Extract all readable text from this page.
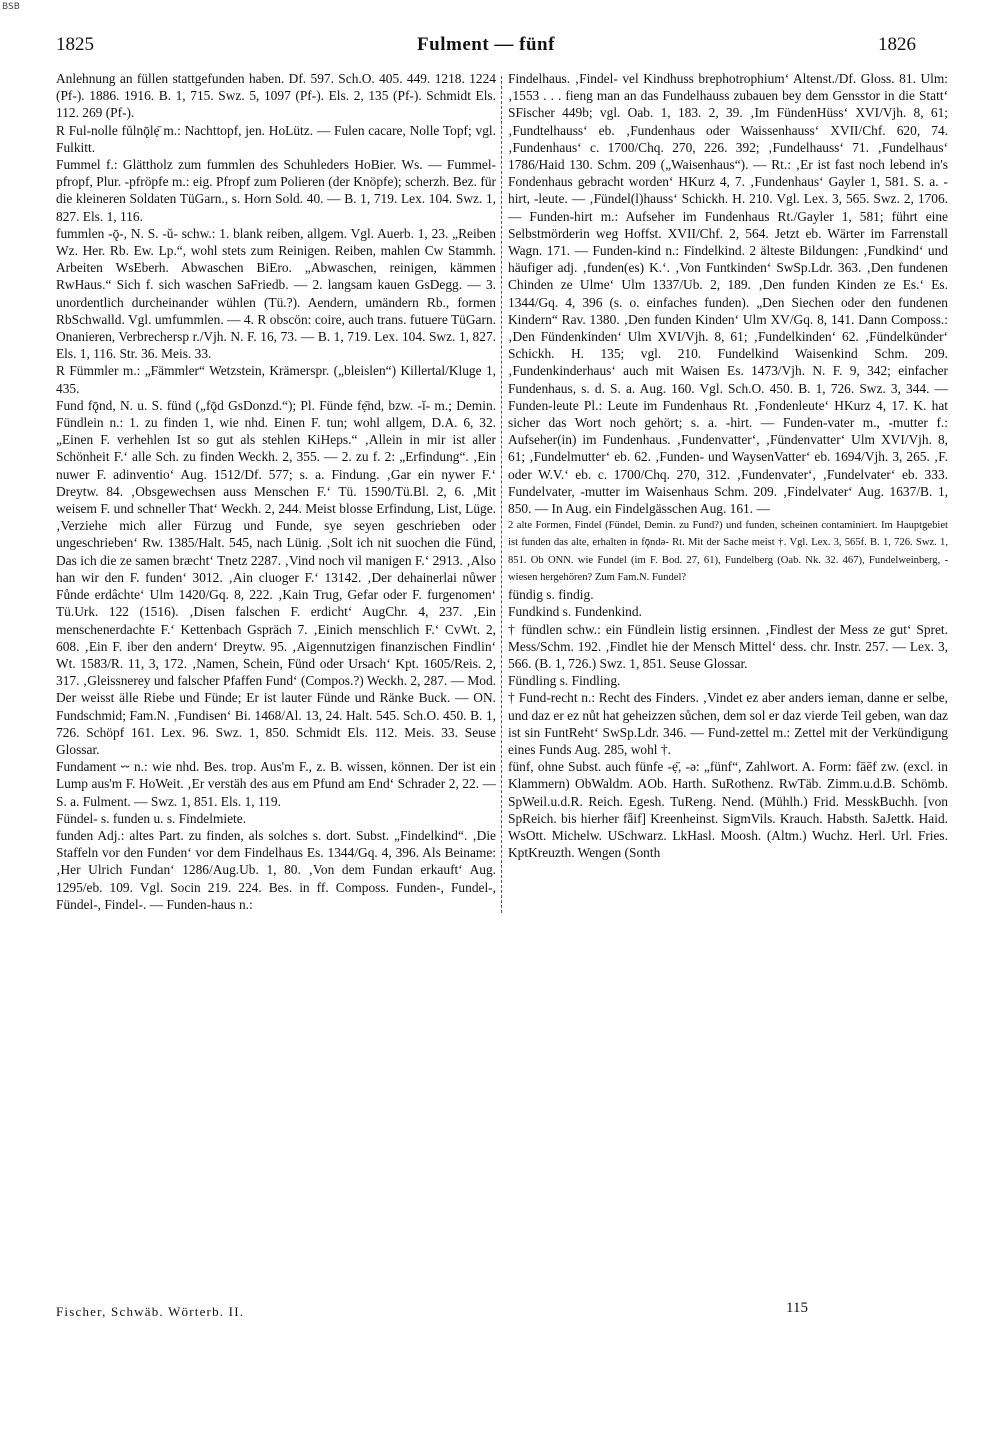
BSB
1825	Fulment — fünf	1826

Anlehnung an füllen stattgefunden haben. Df. 597. Sch.O. 405. 449. 1218. 1224 (Pf-). 1886. 1916. B. 1, 715. Swz. 5, 1097 (Pf-). Els. 2, 135 (Pf-). Schmidt Els. 112. 269 (Pf-).

R Ful-nolle fŭlnǭlẹ̄ m.: Nachttopf, jen. HoLütz. — Fulen cacare, Nolle Topf; vgl. Fulkitt.

Fummel f.: Glättholz zum fummlen des Schuhleders HoBier. Ws. — Fummel-pfropf, Plur. -pfröpfe m.: eig. Pfropf zum Polieren (der Knöpfe); scherzh. Bez. für die kleineren Soldaten TüGarn., s. Horn Sold. 40. — B. 1, 719. Lex. 104. Swz. 1, 827. Els. 1, 116.

fummlen -ǭ-, N. S. -ŭ- schw.: 1. blank reiben, allgem. Vgl. Auerb. 1, 23. „Reiben Wz. Her. Rb. Ew. Lp.“, wohl stets zum Reinigen. Reiben, mahlen Cw Stammh. Arbeiten WsEberh. Abwaschen BiEro. „Abwaschen, reinigen, kämmen RwHaus.“ Sich f. sich waschen SaFriedb. — 2. langsam kauen GsDegg. — 3. unordentlich durcheinander wühlen (Tü.?). Aendern, umändern Rb., formen RbSchwalld. Vgl. umfummlen. — 4. R obscön: coire, auch trans. futuere TüGarn. Onanieren, Verbrechersp r./Vjh. N. F. 16, 73. — B. 1, 719. Lex. 104. Swz. 1, 827. Els. 1, 116. Str. 36. Meis. 33.

R Fümmler m.: „Fämmler“ Wetzstein, Krämerspr. („bleislen“) Killertal/Kluge 1, 435.

Fund fǭnd, N. u. S. fünd („fǭd GsDonzd.“); Pl. Fünde fẹ̄nd, bzw. -ĭ- m.; Demin. Fündlein n.: 1. zu finden 1, wie nhd. Einen F. tun; wohl allgem, D.A. 6, 32. „Einen F. verhehlen Ist so gut als stehlen KiHeps.“ ‚Allein in mir ist aller Schönheit F.‘ alle Sch. zu finden Weckh. 2, 355. — 2. zu f. 2: „Erfindung“. ‚Ein nuwer F. adinventio‘ Aug. 1512/Df. 577; s. a. Findung. ‚Gar ein nywer F.‘ Dreytw. 84. ‚Obsgewechsen auss Menschen F.‘ Tü. 1590/Tü.Bl. 2, 6. ‚Mit weisem F. und schneller That‘ Weckh. 2, 244. Meist blosse Erfindung, List, Lüge. ‚Verziehe mich aller Fürzug und Funde, sye seyen geschrieben oder ungeschrieben‘ Rw. 1385/Halt. 545, nach Lünig. ‚Solt ich nit suochen die Fünd, Das ich die ze samen bræcht‘ Tnetz 2287. ‚Vind noch vil manigen F.‘ 2913. ‚Also han wir den F. funden‘ 3012. ‚Ain cluoger F.‘ 13142. ‚Der dehainerlai nůwer Fůnde erdâchte‘ Ulm 1420/Gq. 8, 222. ‚Kain Trug, Gefar oder F. furgenomen‘ Tü.Urk. 122 (1516). ‚Disen falschen F. erdicht‘ AugChr. 4, 237. ‚Ein menschenerdachte F.‘ Kettenbach Gspräch 7. ‚Einich menschlich F.‘ CvWt. 2, 608. ‚Ein F. iber den andern‘ Dreytw. 95. ‚Aigennutzigen finanzischen Findlin‘ Wt. 1583/R. 11, 3, 172. ‚Namen, Schein, Fünd oder Ursach‘ Kpt. 1605/Reis. 2, 317. ‚Gleissnerey und falscher Pfaffen Fund‘ (Compos.?) Weckh. 2, 287. — Mod. Der weisst älle Riebe und Fünde; Er ist lauter Fünde und Ränke Buck. — ON. Fundschmid; Fam.N. ‚Fundisen‘ Bi. 1468/Al. 13, 24. Halt. 545. Sch.O. 450. B. 1, 726. Schöpf 161. Lex. 96. Swz. 1, 850. Schmidt Els. 112. Meis. 33. Seuse Glossar.

Fundament ⏑⏑ n.: wie nhd. Bes. trop. Aus'm F., z. B. wissen, können. Der ist ein Lump aus'm F. HoWeit. ‚Er verstäh des aus em Pfund am End‘ Schrader 2, 22. — S. a. Fulment. — Swz. 1, 851. Els. 1, 119.

Fündel- s. funden u. s. Findelmiete.

funden Adj.: altes Part. zu finden, als solches s. dort. Subst. „Findelkind“. ‚Die Staffeln vor den Funden‘ vor dem Findelhaus Es. 1344/Gq. 4, 396. Als Beiname: ‚Her Ulrich Fundan‘ 1286/Aug.Ub. 1, 80. ‚Von dem Fundan erkauft‘ Aug. 1295/eb. 109. Vgl. Socin 219. 224. Bes. in ff. Composs. Funden-, Fundel-, Fündel-, Findel-. — Funden-haus n.:

Findelhaus. ‚Findel- vel Kindhuss brephotrophium‘ Altenst./Df. Gloss. 81. Ulm: ‚1553 . . . fieng man an das Fundelhauss zubauen bey dem Gensstor in die Statt‘ SFischer 449b; vgl. Oab. 1, 183. 2, 39. ‚Im FündenHüss‘ XVI/Vjh. 8, 61; ‚Fundtelhauss‘ eb. ‚Fundenhaus oder Waissenhauss‘ XVII/Chf. 620, 74. ‚Fundenhaus‘ c. 1700/Chq. 270, 226. 392; ‚Fundelhauss‘ 71. ‚Fundelhaus‘ 1786/Haid 130. Schm. 209 („Waisenhaus“). — Rt.: ‚Er ist fast noch lebend in's Fondenhaus gebracht worden‘ HKurz 4, 7. ‚Fundenhaus‘ Gayler 1, 581. S. a. -hirt, -leute. — ‚Fündel(l)hauss‘ Schickh. H. 210. Vgl. Lex. 3, 565. Swz. 2, 1706. — Funden-hirt m.: Aufseher im Fundenhaus Rt./Gayler 1, 581; führt eine Selbstmörderin weg Hoffst. XVII/Chf. 2, 564. Jetzt eb. Wärter im Farrenstall Wagn. 171. — Funden-kind n.: Findelkind. 2 älteste Bildungen: ‚Fundkind‘ und häufiger adj. ‚funden(es) K.‘. ‚Von Funtkinden‘ SwSp.Ldr. 363. ‚Den fundenen Chinden ze Ulme‘ Ulm 1337/Ub. 2, 189. ‚Den funden Kinden ze Es.‘ Es. 1344/Gq. 4, 396 (s. o. einfaches funden). „Den Siechen oder den fundenen Kindern“ Rav. 1380. ‚Den funden Kinden‘ Ulm XV/Gq. 8, 141. Dann Composs.: ‚Den Fündenkinden‘ Ulm XVI/Vjh. 8, 61; ‚Fundelkinden‘ 62. ‚Fündelkünder‘ Schickh. H. 135; vgl. 210. Fundelkind Waisenkind Schm. 209. ‚Fundenkinderhaus‘ auch mit Waisen Es. 1473/Vjh. N. F. 9, 342; einfacher Fundenhaus, s. d. S. a. Aug. 160. Vgl. Sch.O. 450. B. 1, 726. Swz. 3, 344. — Funden-leute Pl.: Leute im Fundenhaus Rt. ‚Fondenleute‘ HKurz 4, 17. K. hat sicher das Wort noch gehört; s. a. -hirt. — Funden-vater m., -mutter f.: Aufseher(in) im Fundenhaus. ‚Fundenvatter‘, ‚Fündenvatter‘ Ulm XVI/Vjh. 8, 61; ‚Fundelmutter‘ eb. 62. ‚Funden- und WaysenVatter‘ eb. 1694/Vjh. 3, 265. ‚F. oder W.V.‘ eb. c. 1700/Chq. 270, 312. ‚Fundenvater‘, ‚Fundelvater‘ eb. 333. Fundelvater, -mutter im Waisenhaus Schm. 209. ‚Findelvater‘ Aug. 1637/B. 1, 850. — In Aug. ein Findelgässchen Aug. 161. —

2 alte Formen, Findel (Fündel, Demin. zu Fund?) und funden, scheinen contaminiert. Im Hauptgebiet ist funden das alte, erhalten in fǭndə- Rt. Mit der Sache meist †. Vgl. Lex. 3, 565f. B. 1, 726. Swz. 1, 851. Ob ONN. wie Fundel (im F. Bod. 27, 61), Fundelberg (Oab. Nk. 32. 467), Fundelweinberg, -wiesen hergehören? Zum Fam.N. Fundel?

fündig s. findig.

Fundkind s. Fundenkind.

† fündlen schw.: ein Fündlein listig ersinnen. ‚Findlest der Mess ze gut‘ Spret. Mess/Schm. 192. ‚Findlet hie der Mensch Mittel‘ dess. chr. Instr. 257. — Lex. 3, 566. (B. 1, 726.) Swz. 1, 851. Seuse Glossar.

Fündling s. Findling.

† Fund-recht n.: Recht des Finders. ‚Vindet ez aber anders ieman, danne er selbe, und daz er ez nůt hat geheizzen sůchen, dem sol er daz vierde Teil geben, wan daz ist sin FuntReht‘ SwSp.Ldr. 346. — Fund-zettel m.: Zettel mit der Verkündigung eines Funds Aug. 285, wohl †.

fünf, ohne Subst. auch fünfe -ẹ̄, -ə: „fünf“, Zahlwort. A. Form: fāēf zw. (excl. in Klammern) ObWaldm. AOb. Harth. SuRothenz. RwTäb. Zimm.u.d.B. Schömb. SpWeil.u.d.R. Reich. Egesh. TuReng. Nend. (Mühlh.) Frid. MesskBuchh. [von SpReich. bis hierher fǟif] Kreenheinst. SigmVils. Krauch. Habsth. SaJettk. Haid. WsOtt. Michelw. USchwarz. LkHasl. Moosh. (Altm.) Wuchz. Herl. Url. Fries. KptKreuzth. Wengen (Sonth

Fischer, Schwäb. Wörterb. II.	115
